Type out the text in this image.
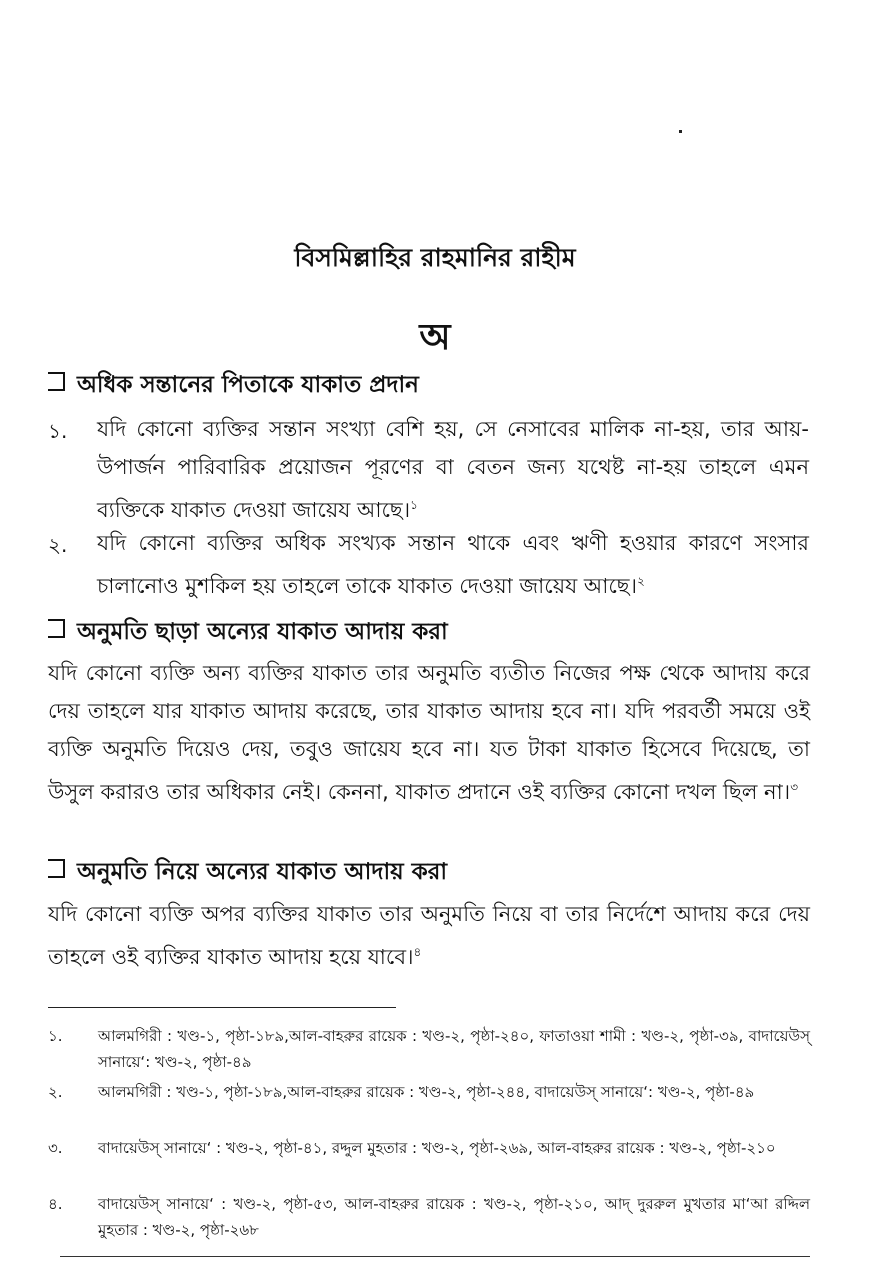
বিসমিল্লাহির রাহমানির রাহীম
অ
অধিক সন্তানের পিতাকে যাকাত প্রদান
১. যদি কোনো ব্যক্তির সন্তান সংখ্যা বেশি হয়, সে নেসাবের মালিক না-হয়, তার আয়-উপার্জন পারিবারিক প্রয়োজন পূরণের বা বেতন জন্য যথেষ্ট না-হয় তাহলে এমন ব্যক্তিকে যাকাত দেওয়া জায়েয আছে।$^১$
২. যদি কোনো ব্যক্তির অধিক সংখ্যক সন্তান থাকে এবং ঋণী হওয়ার কারণে সংসার চালানোও মুশকিল হয় তাহলে তাকে যাকাত দেওয়া জায়েয আছে।$^২$
অনুমতি ছাড়া অন্যের যাকাত আদায় করা
যদি কোনো ব্যক্তি অন্য ব্যক্তির যাকাত তার অনুমতি ব্যতীত নিজের পক্ষ থেকে আদায় করে দেয় তাহলে যার যাকাত আদায় করেছে, তার যাকাত আদায় হবে না। যদি পরবর্তী সময়ে ওই ব্যক্তি অনুমতি দিয়েও দেয়, তবুও জায়েয হবে না। যত টাকা যাকাত হিসেবে দিয়েছে, তা উসুল করারও তার অধিকার নেই। কেননা, যাকাত প্রদানে ওই ব্যক্তির কোনো দখল ছিল না।$^৩$
অনুমতি নিয়ে অন্যের যাকাত আদায় করা
যদি কোনো ব্যক্তি অপর ব্যক্তির যাকাত তার অনুমতি নিয়ে বা তার নির্দেশে আদায় করে দেয় তাহলে ওই ব্যক্তির যাকাত আদায় হয়ে যাবে।$^৪$
১. আলমগিরী : খণ্ড-১, পৃষ্ঠা-১৮৯,আল-বাহরুর রায়েক : খণ্ড-২, পৃষ্ঠা-২৪০, ফাতাওয়া শামী : খণ্ড-২, পৃষ্ঠা-৩৯, বাদায়েউস্ সানায়ে‘: খণ্ড-২, পৃষ্ঠা-৪৯
২. আলমগিরী : খণ্ড-১, পৃষ্ঠা-১৮৯,আল-বাহরুর রায়েক : খণ্ড-২, পৃষ্ঠা-২৪৪, বাদায়েউস্ সানায়ে‘: খণ্ড-২, পৃষ্ঠা-৪৯
৩. বাদায়েউস্ সানায়ে‘ : খণ্ড-২, পৃষ্ঠা-৪১, রদ্দুল মুহতার : খণ্ড-২, পৃষ্ঠা-২৬৯, আল-বাহরুর রায়েক : খণ্ড-২, পৃষ্ঠা-২১০
৪. বাদায়েউস্ সানায়ে‘ : খণ্ড-২, পৃষ্ঠা-৫৩, আল-বাহরুর রায়েক : খণ্ড-২, পৃষ্ঠা-২১০, আদ্ দুররুল মুখতার মা‘আ রদ্দিল মুহতার : খণ্ড-২, পৃষ্ঠা-২৬৮
